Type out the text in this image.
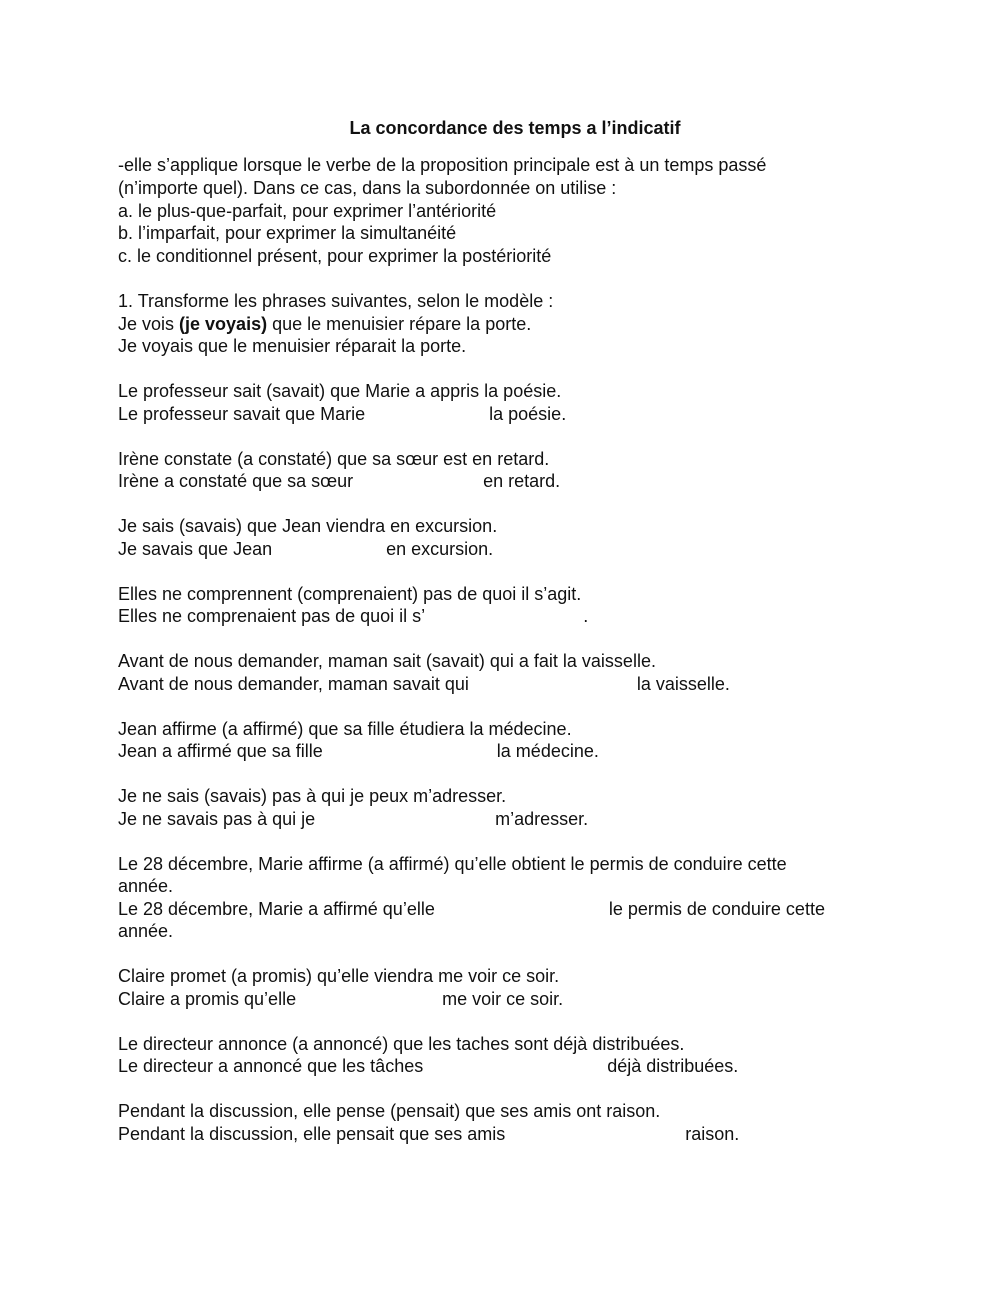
La concordance des temps a l’indicatif

-elle s’applique lorsque le verbe de la proposition principale est à un temps passé

(n’importe quel). Dans ce cas, dans la subordonnée on utilise :

a. le plus-que-parfait, pour exprimer l’antériorité

b. l’imparfait, pour exprimer la simultanéité

c. le conditionnel présent, pour exprimer la postériorité

1. Transforme les phrases suivantes, selon le modèle :

Je vois (je voyais) que le menuisier répare la porte.

Je voyais que le menuisier réparait la porte.

Le professeur sait (savait) que Marie a appris la poésie.

Le professeur savait que Marie	la poésie.

Irène constate (a constaté) que sa sœur est en retard.

Irène a constaté que sa sœur	en retard.

Je sais (savais) que Jean viendra en excursion.

Je savais que Jean	en excursion.

Elles ne comprennent (comprenaient) pas de quoi il s’agit.

Elles ne comprenaient pas de quoi il s’	.

Avant de nous demander, maman sait (savait) qui a fait la vaisselle.

Avant de nous demander, maman savait qui	la vaisselle.

Jean affirme (a affirmé) que sa fille étudiera la médecine.

Jean a affirmé que sa fille	la médecine.

Je ne sais (savais) pas à qui je peux m’adresser.

Je ne savais pas à qui je	m’adresser.

Le 28 décembre, Marie affirme (a affirmé) qu’elle obtient le permis de conduire cette

année.

Le 28 décembre, Marie a affirmé qu’elle	le permis de conduire cette

année.

Claire promet (a promis) qu’elle viendra me voir ce soir.

Claire a promis qu’elle	me voir ce soir.

Le directeur annonce (a annoncé) que les taches sont déjà distribuées.

Le directeur a annoncé que les tâches	déjà distribuées.

Pendant la discussion, elle pense (pensait) que ses amis ont raison.

Pendant la discussion, elle pensait que ses amis	raison.
